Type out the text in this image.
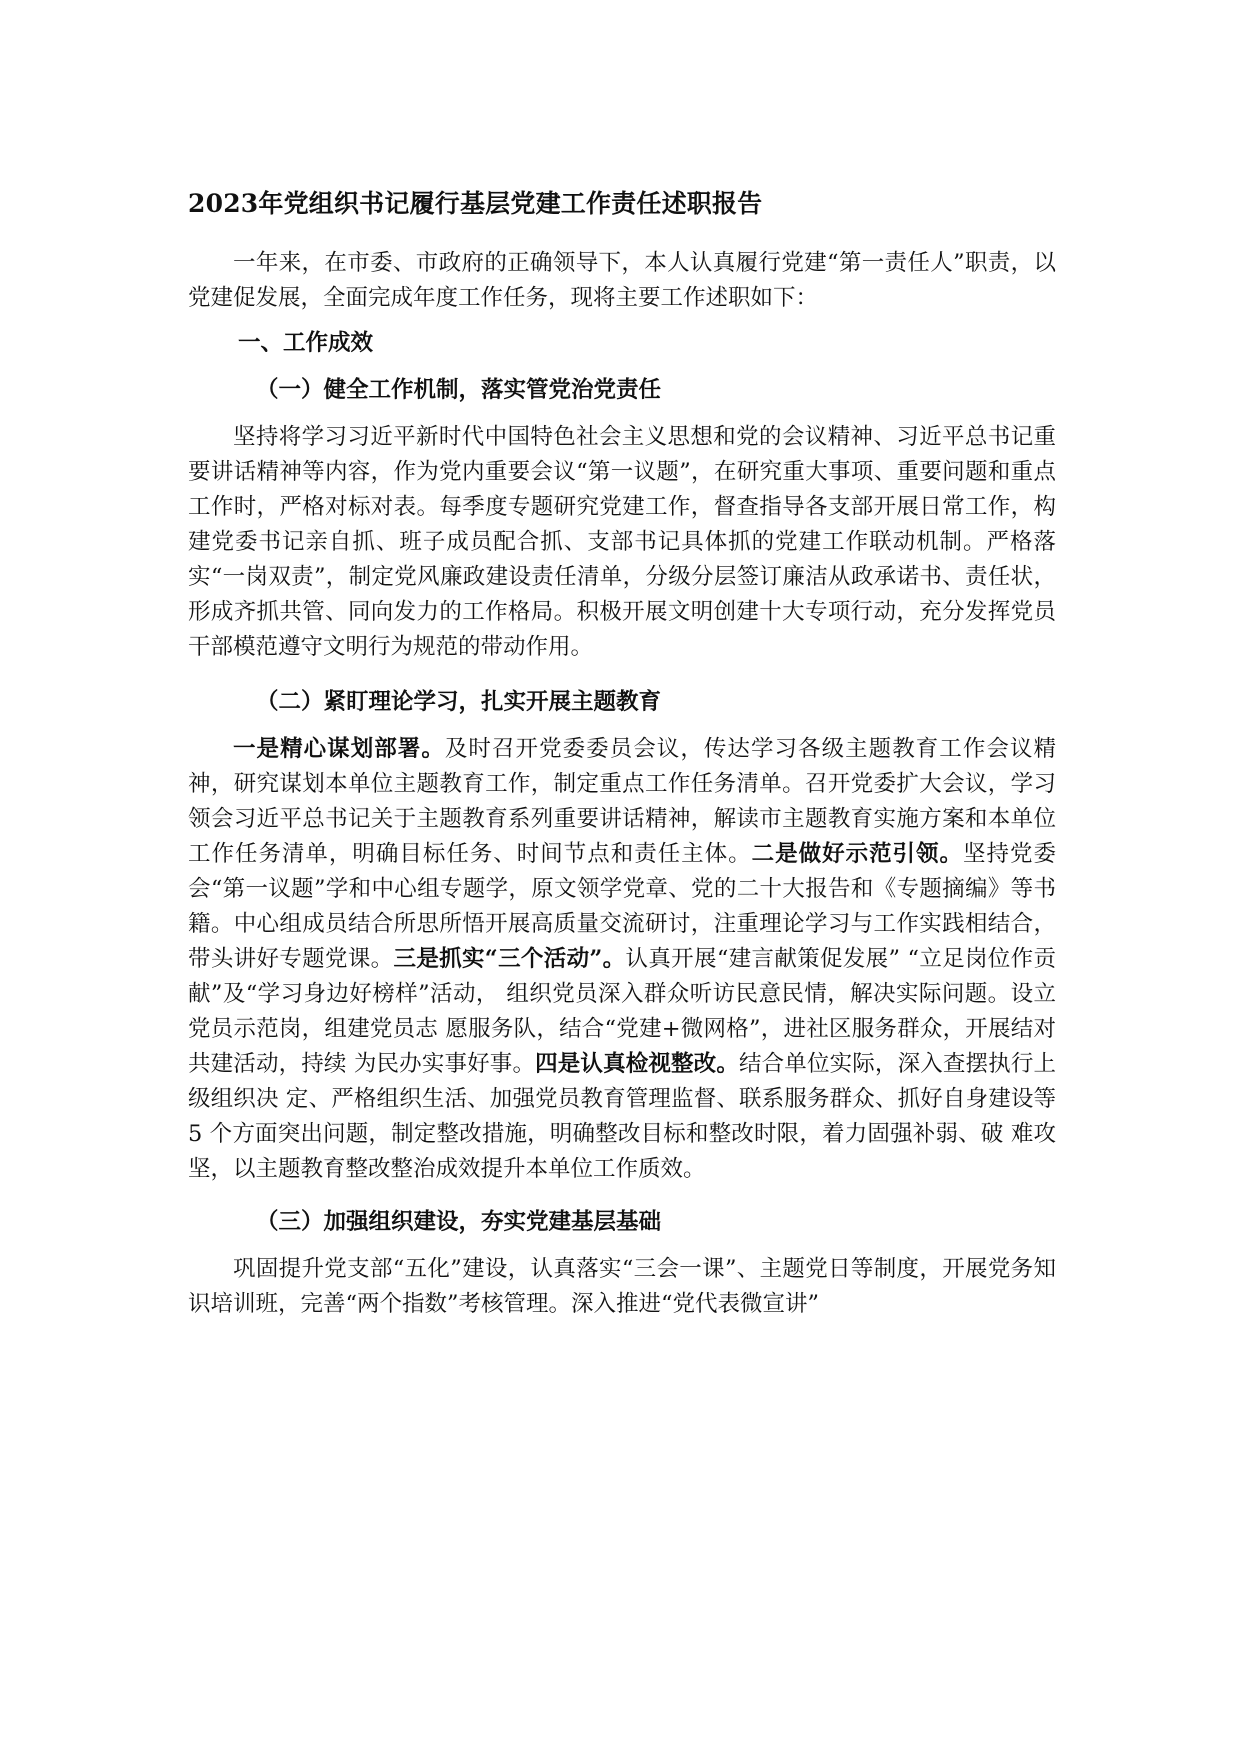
2023年党组织书记履行基层党建工作责任述职报告

一年来，在市委、市政府的正确领导下，本人认真履行党建“第一责任人”职责，以党建促发展，全面完成年度工作任务，现将主要工作述职如下：

一、工作成效
（一）健全工作机制，落实管党治党责任

坚持将学习习近平新时代中国特色社会主义思想和党的会议精神、习近平总书记重要讲话精神等内容，作为党内重要会议“第一议题”，在研究重大事项、重要问题和重点工作时，严格对标对表。每季度专题研究党建工作，督查指导各支部开展日常工作，构建党委书记亲自抓、班子成员配合抓、支部书记具体抓的党建工作联动机制。严格落实“一岗双责”，制定党风廉政建设责任清单，分级分层签订廉洁从政承诺书、责任状，形成齐抓共管、同向发力的工作格局。积极开展文明创建十大专项行动，充分发挥党员干部模范遵守文明行为规范的带动作用。

（二）紧盯理论学习，扎实开展主题教育

一是精心谋划部署。及时召开党委委员会议，传达学习各级主题教育工作会议精神，研究谋划本单位主题教育工作，制定重点工作任务清单。召开党委扩大会议，学习领会习近平总书记关于主题教育系列重要讲话精神，解读市主题教育实施方案和本单位工作任务清单，明确目标任务、时间节点和责任主体。二是做好示范引领。坚持党委会“第一议题”学和中心组专题学，原文领学党章、党的二十大报告和《专题摘编》等书籍。中心组成员结合所思所悟开展高质量交流研讨，注重理论学习与工作实践相结合，带头讲好专题党课。三是抓实“三个活动”。认真开展“建言献策促发展” “立足岗位作贡献”及“学习身边好榜样”活动， 组织党员深入群众听访民意民情，解决实际问题。设立党员示范岗，组建党员志 愿服务队，结合“党建+微网格”，进社区服务群众，开展结对共建活动，持续 为民办实事好事。四是认真检视整改。结合单位实际，深入查摆执行上级组织决 定、严格组织生活、加强党员教育管理监督、联系服务群众、抓好自身建设等5 个方面突出问题，制定整改措施，明确整改目标和整改时限，着力固强补弱、破 难攻坚，以主题教育整改整治成效提升本单位工作质效。

（三）加强组织建设，夯实党建基层基础

巩固提升党支部“五化”建设，认真落实“三会一课”、主题党日等制度，开展党务知识培训班，完善“两个指数”考核管理。深入推进“党代表微宣讲”
